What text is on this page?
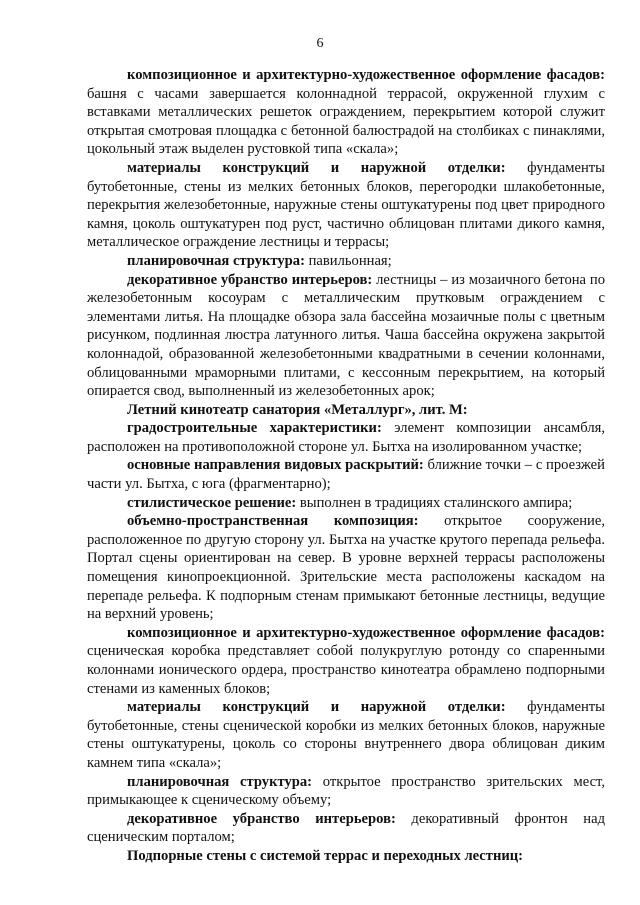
6

композиционное и архитектурно-художественное оформление фасадов: башня с часами завершается колоннадной террасой, окруженной глухим с вставками металлических решеток ограждением, перекрытием которой служит открытая смотровая площадка с бетонной балюстрадой на столбиках с пинаклями, цокольный этаж выделен рустовкой типа «скала»;

материалы конструкций и наружной отделки: фундаменты бутобетонные, стены из мелких бетонных блоков, перегородки шлакобетонные, перекрытия железобетонные, наружные стены оштукатурены под цвет природного камня, цоколь оштукатурен под руст, частично облицован плитами дикого камня, металлическое ограждение лестницы и террасы;

планировочная структура: павильонная;

декоративное убранство интерьеров: лестницы – из мозаичного бетона по железобетонным косоурам с металлическим прутковым ограждением с элементами литья. На площадке обзора зала бассейна мозаичные полы с цветным рисунком, подлинная люстра латунного литья. Чаша бассейна окружена закрытой колоннадой, образованной железобетонными квадратными в сечении колоннами, облицованными мраморными плитами, с кессонным перекрытием, на который опирается свод, выполненный из железобетонных арок;

Летний кинотеатр санатория «Металлург», лит. М:

градостроительные характеристики: элемент композиции ансамбля, расположен на противоположной стороне ул. Бытха на изолированном участке;

основные направления видовых раскрытий: ближние точки – с проезжей части ул. Бытха, с юга (фрагментарно);

стилистическое решение: выполнен в традициях сталинского ампира;

объемно-пространственная композиция: открытое сооружение, расположенное по другую сторону ул. Бытха на участке крутого перепада рельефа. Портал сцены ориентирован на север. В уровне верхней террасы расположены помещения кинопроекционной. Зрительские места расположены каскадом на перепаде рельефа. К подпорным стенам примыкают бетонные лестницы, ведущие на верхний уровень;

композиционное и архитектурно-художественное оформление фасадов: сценическая коробка представляет собой полукруглую ротонду со спаренными колоннами ионического ордера, пространство кинотеатра обрамлено подпорными стенами из каменных блоков;

материалы конструкций и наружной отделки: фундаменты бутобетонные, стены сценической коробки из мелких бетонных блоков, наружные стены оштукатурены, цоколь со стороны внутреннего двора облицован диким камнем типа «скала»;

планировочная структура: открытое пространство зрительских мест, примыкающее к сценическому объему;

декоративное убранство интерьеров: декоративный фронтон над сценическим порталом;

Подпорные стены с системой террас и переходных лестниц:
